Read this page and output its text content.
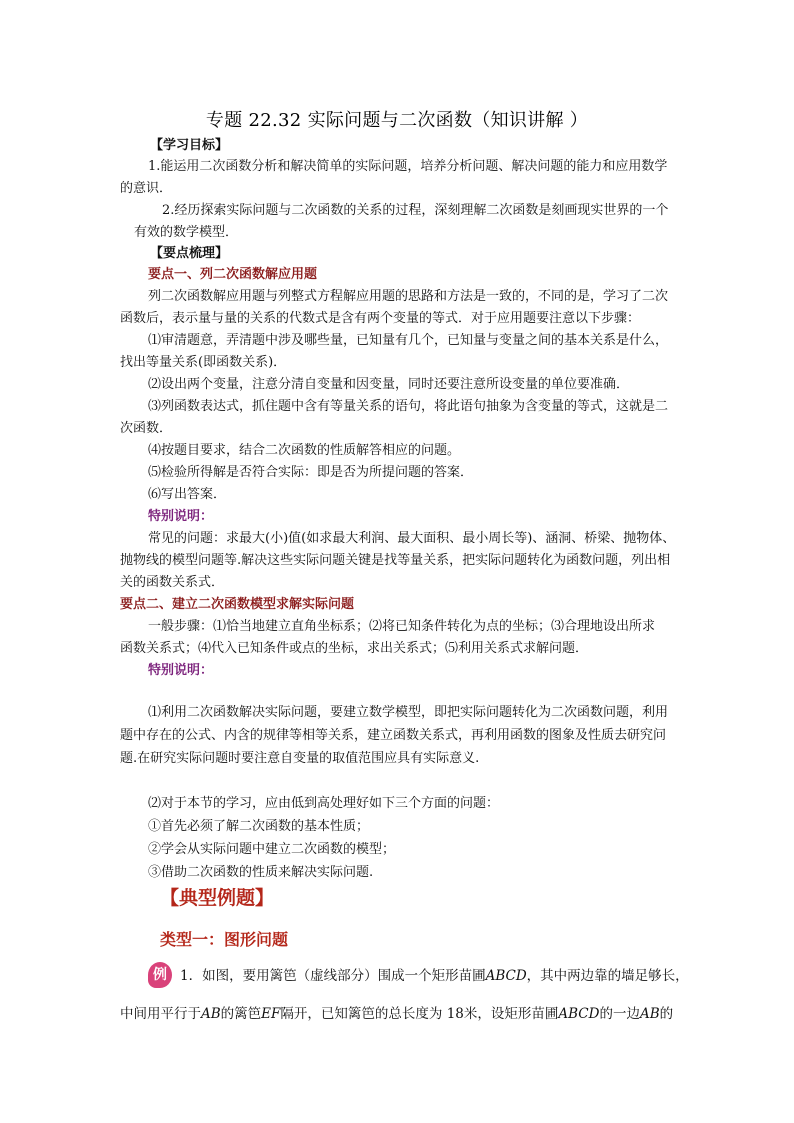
专题 22.32 实际问题与二次函数（知识讲解 ）
【学习目标】
1.能运用二次函数分析和解决简单的实际问题，培养分析问题、解决问题的能力和应用数学
的意识．
2.经历探索实际问题与二次函数的关系的过程，深刻理解二次函数是刻画现实世界的一个
有效的数学模型．
【要点梳理】
要点一、列二次函数解应用题
列二次函数解应用题与列整式方程解应用题的思路和方法是一致的，不同的是，学习了二次
函数后，表示量与量的关系的代数式是含有两个变量的等式．对于应用题要注意以下步骤：
⑴审清题意，弄清题中涉及哪些量，已知量有几个，已知量与变量之间的基本关系是什么，
找出等量关系(即函数关系)．
⑵设出两个变量，注意分清自变量和因变量，同时还要注意所设变量的单位要准确．
⑶列函数表达式，抓住题中含有等量关系的语句，将此语句抽象为含变量的等式，这就是二
次函数．
⑷按题目要求，结合二次函数的性质解答相应的问题。
⑸检验所得解是否符合实际：即是否为所提问题的答案．
⑹写出答案．
特别说明：
常见的问题：求最大(小)值(如求最大利润、最大面积、最小周长等)、涵洞、桥梁、抛物体、
抛物线的模型问题等.解决这些实际问题关键是找等量关系，把实际问题转化为函数问题，列出相
关的函数关系式．
要点二、建立二次函数模型求解实际问题
一般步骤：⑴恰当地建立直角坐标系；⑵将已知条件转化为点的坐标；⑶合理地设出所求
函数关系式；⑷代入已知条件或点的坐标，求出关系式；⑸利用关系式求解问题．
特别说明：
⑴利用二次函数解决实际问题，要建立数学模型，即把实际问题转化为二次函数问题，利用
题中存在的公式、内含的规律等相等关系，建立函数关系式，再利用函数的图象及性质去研究问
题.在研究实际问题时要注意自变量的取值范围应具有实际意义.
⑵对于本节的学习，应由低到高处理好如下三个方面的问题：
①首先必须了解二次函数的基本性质；
②学会从实际问题中建立二次函数的模型；
③借助二次函数的性质来解决实际问题.
【典型例题】
类型一：图形问题
例 1．如图，要用篱笆（虚线部分）围成一个矩形苗圃ABCD，其中两边靠的墙足够长，
中间用平行于AB的篱笆EF隔开，已知篱笆的总长度为 18米，设矩形苗圃ABCD的一边AB的
